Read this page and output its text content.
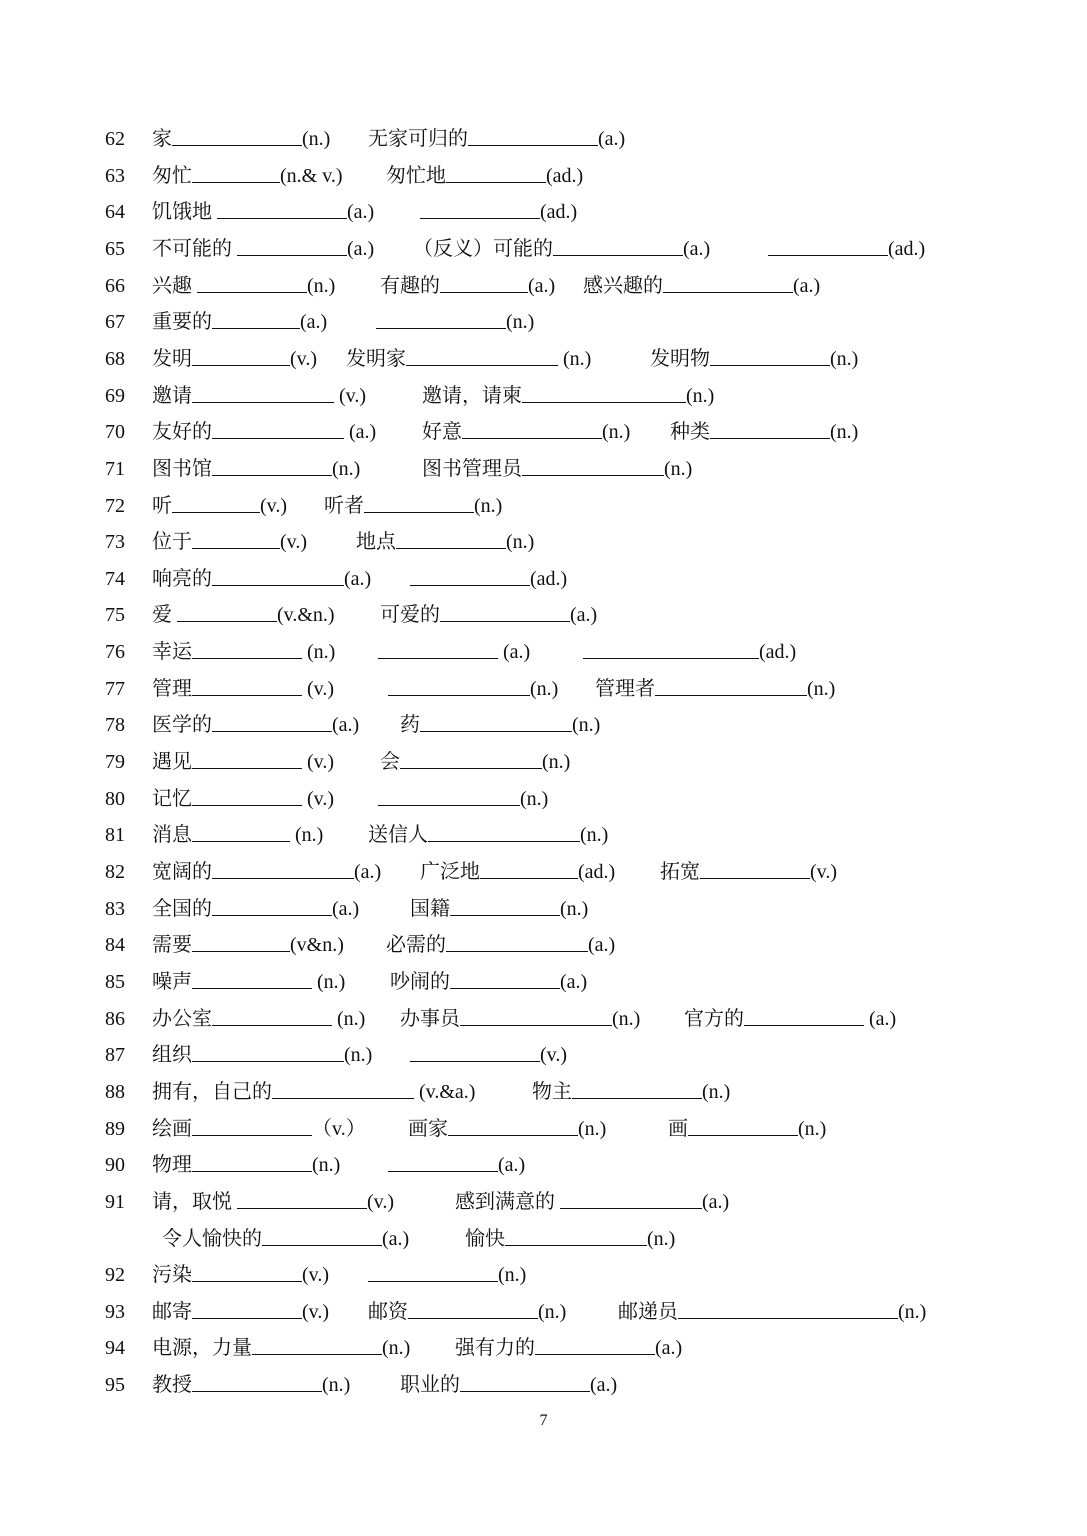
62 家	(n.) 无家可归的	(a.)
63 匆忙	(n.& v.) 匆忙地	(ad.)
64 饥饿地	(a.)	(ad.)
65 不可能的	(a.) （反义）可能的	(a.)	(ad.)
66 兴趣	(n.) 有趣的	(a.) 感兴趣的	(a.)
67 重要的	(a.)	(n.)
68 发明	(v.) 发明家	(n.)	发明物	(n.)
69 邀请	(v.)	邀请，请柬	(n.)
70 友好的	(a.) 好意	(n.) 种类	(n.)
71 图书馆	(n.)	图书管理员	(n.)
72 听	(v.) 听者	(n.)
73 位于	(v.) 地点	(n.)
74 响亮的	(a.)	(ad.)
75 爱	(v.&n.) 可爱的	(a.)
76 幸运	(n.)	(a.)	(ad.)
77 管理	(v.)	(n.) 管理者	(n.)
78 医学的	(a.) 药	(n.)
79 遇见	(v.) 会	(n.)
80 记忆	(v.)	(n.)
81 消息	(n.) 送信人	(n.)
82 宽阔的	(a.) 广泛地	(ad.) 拓宽	(v.)
83 全国的	(a.)	国籍	(n.)
84 需要	(v&n.) 必需的	(a.)
85 噪声	(n.) 吵闹的	(a.)
86 办公室	(n.) 办事员	(n.) 官方的	(a.)
87 组织	(n.)	(v.)
88 拥有，自己的	(v.&a.)	物主	(n.)
89 绘画	（v.） 画家	(n.)	画	(n.)
90 物理	(n.)	(a.)
91 请，取悦	(v.)	感到满意的	(a.)
令人愉快的	(a.)	愉快	(n.)
92 污染	(v.)	(n.)
93 邮寄	(v.) 邮资	(n.)	邮递员	(n.)
94 电源，力量	(n.) 强有力的	(a.)
95 教授	(n.) 职业的	(a.)
7
